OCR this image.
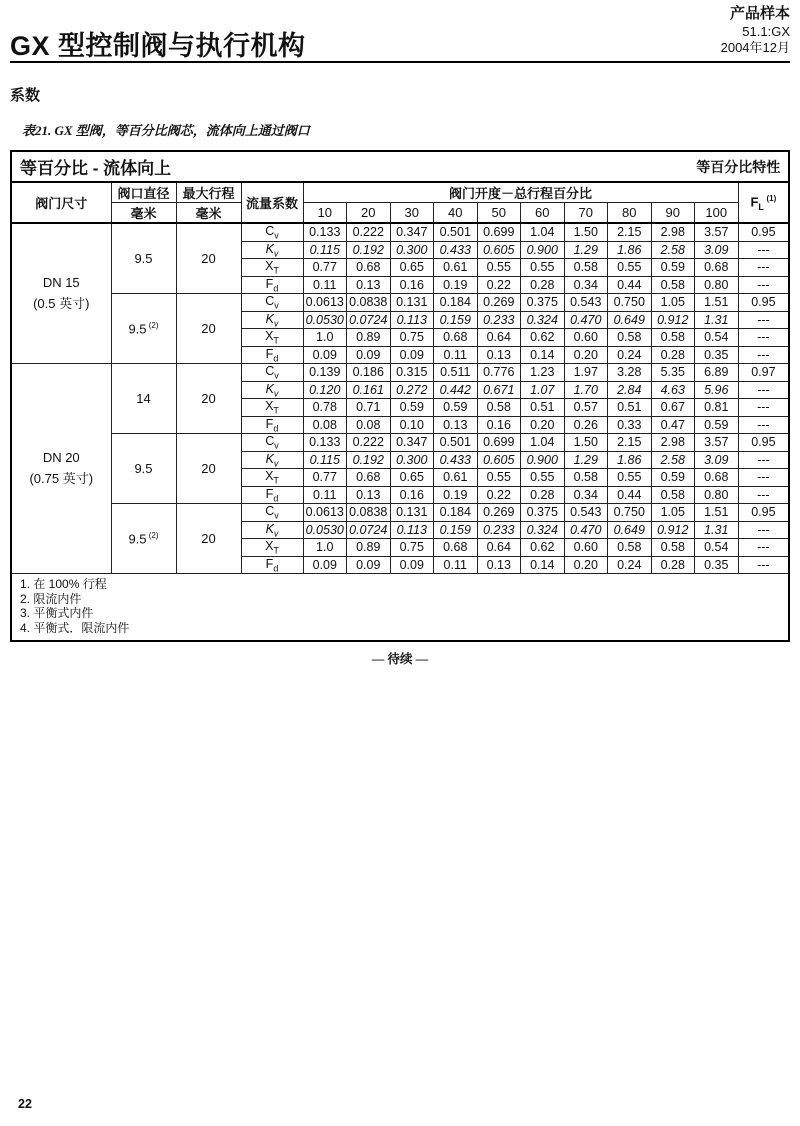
产品样本
51.1:GX
2004年12月
GX 型控制阀与执行机构
系数

表21. GX 型阀，等百分比阀芯，流体向上通过阀口

等百分比 - 流体向上 等百分比特性														

阀门尺寸	阀口直径	最大行程	流量系数	阀门开度－总行程百分比										$F_L$ $^{(1)}$
	毫米	毫米		10	20	30	40	50	60	70	80	90	100	

DN 15
(0.5 英寸)	9.5	20	$C_v$	0.133	0.222	0.347	0.501	0.699	1.04	1.50	2.15	2.98	3.57	0.95
			$K_v$	0.115	0.192	0.300	0.433	0.605	0.900	1.29	1.86	2.58	3.09	---
			$X_T$	0.77	0.68	0.65	0.61	0.55	0.55	0.58	0.55	0.59	0.68	---
			$F_d$	0.11	0.13	0.16	0.19	0.22	0.28	0.34	0.44	0.58	0.80	---
	9.5 $^{(2)}$	20	$C_v$	0.0613	0.0838	0.131	0.184	0.269	0.375	0.543	0.750	1.05	1.51	0.95
			$K_v$	0.0530	0.0724	0.113	0.159	0.233	0.324	0.470	0.649	0.912	1.31	---
			$X_T$	1.0	0.89	0.75	0.68	0.64	0.62	0.60	0.58	0.58	0.54	---
			$F_d$	0.09	0.09	0.09	0.11	0.13	0.14	0.20	0.24	0.28	0.35	---

DN 20
(0.75 英寸)	14	20	$C_v$	0.139	0.186	0.315	0.511	0.776	1.23	1.97	3.28	5.35	6.89	0.97
			$K_v$	0.120	0.161	0.272	0.442	0.671	1.07	1.70	2.84	4.63	5.96	---
			$X_T$	0.78	0.71	0.59	0.59	0.58	0.51	0.57	0.51	0.67	0.81	---
			$F_d$	0.08	0.08	0.10	0.13	0.16	0.20	0.26	0.33	0.47	0.59	---
	9.5	20	$C_v$	0.133	0.222	0.347	0.501	0.699	1.04	1.50	2.15	2.98	3.57	0.95
			$K_v$	0.115	0.192	0.300	0.433	0.605	0.900	1.29	1.86	2.58	3.09	---
			$X_T$	0.77	0.68	0.65	0.61	0.55	0.55	0.58	0.55	0.59	0.68	---
			$F_d$	0.11	0.13	0.16	0.19	0.22	0.28	0.34	0.44	0.58	0.80	---
	9.5 $^{(2)}$	20	$C_v$	0.0613	0.0838	0.131	0.184	0.269	0.375	0.543	0.750	1.05	1.51	0.95
			$K_v$	0.0530	0.0724	0.113	0.159	0.233	0.324	0.470	0.649	0.912	1.31	---
			$X_T$	1.0	0.89	0.75	0.68	0.64	0.62	0.60	0.58	0.58	0.54	---
			$F_d$	0.09	0.09	0.09	0.11	0.13	0.14	0.20	0.24	0.28	0.35	---

1. 在 100% 行程
2. 限流内件
3. 平衡式内件
4. 平衡式．限流内件														
— 待续 —
22
